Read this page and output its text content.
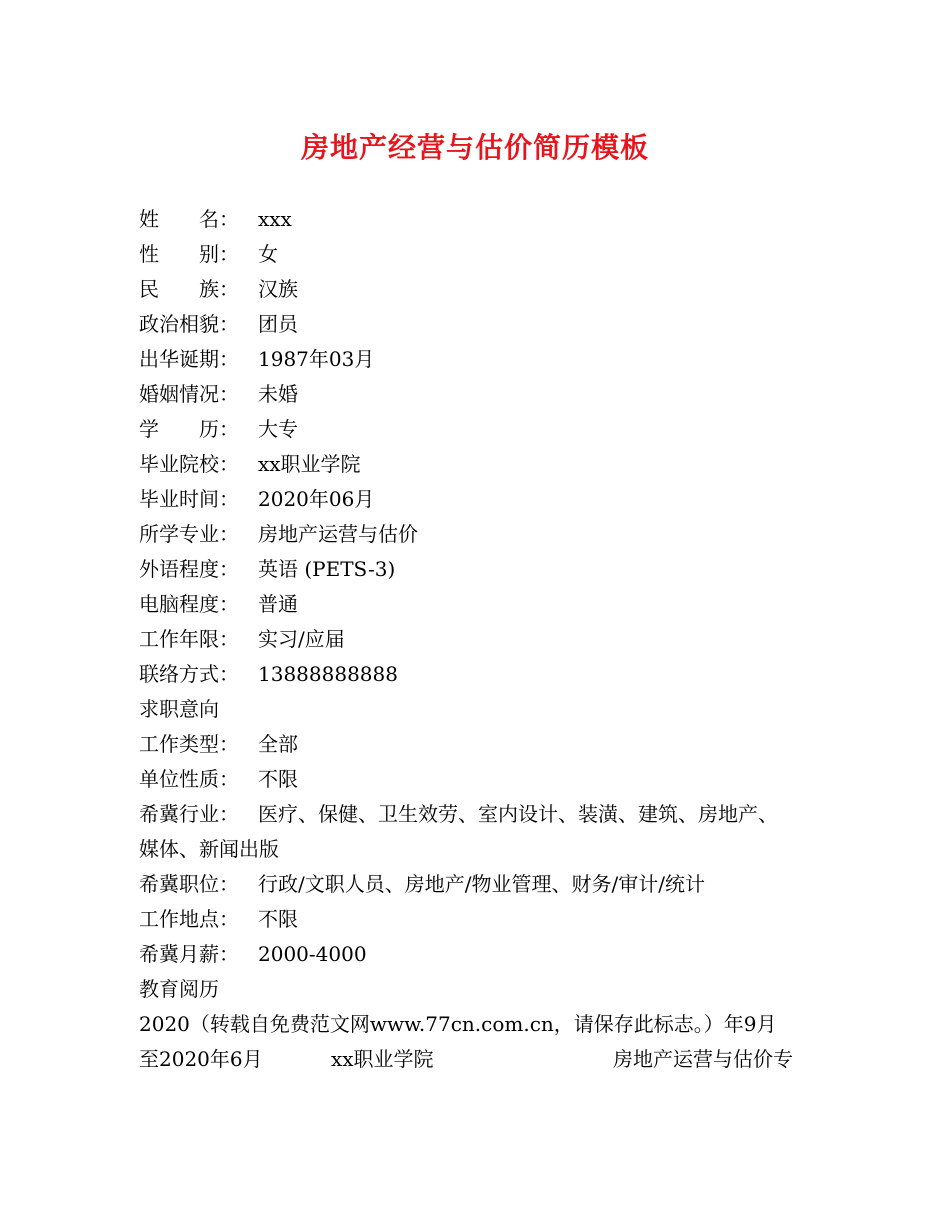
房地产经营与估价简历模板
姓　　名： xxx
性　　别： 女
民　　族： 汉族
政治相貌： 团员
出华诞期： 1987年03月
婚姻情况： 未婚
学　　历： 大专
毕业院校： xx职业学院
毕业时间： 2020年06月
所学专业： 房地产运营与估价
外语程度： 英语 (PETS-3)
电脑程度： 普通
工作年限： 实习/应届
联络方式： 13888888888
求职意向
工作类型： 全部
单位性质： 不限
希冀行业： 医疗、保健、卫生效劳、室内设计、装潢、建筑、房地产、
媒体、新闻出版
希冀职位： 行政/文职人员、房地产/物业管理、财务/审计/统计
工作地点： 不限
希冀月薪： 2000-4000
教育阅历
2020（转载自免费范文网www.77cn.com.cn，请保存此标志。）年9月
至2020年6月	xx职业学院	房地产运营与估价专
